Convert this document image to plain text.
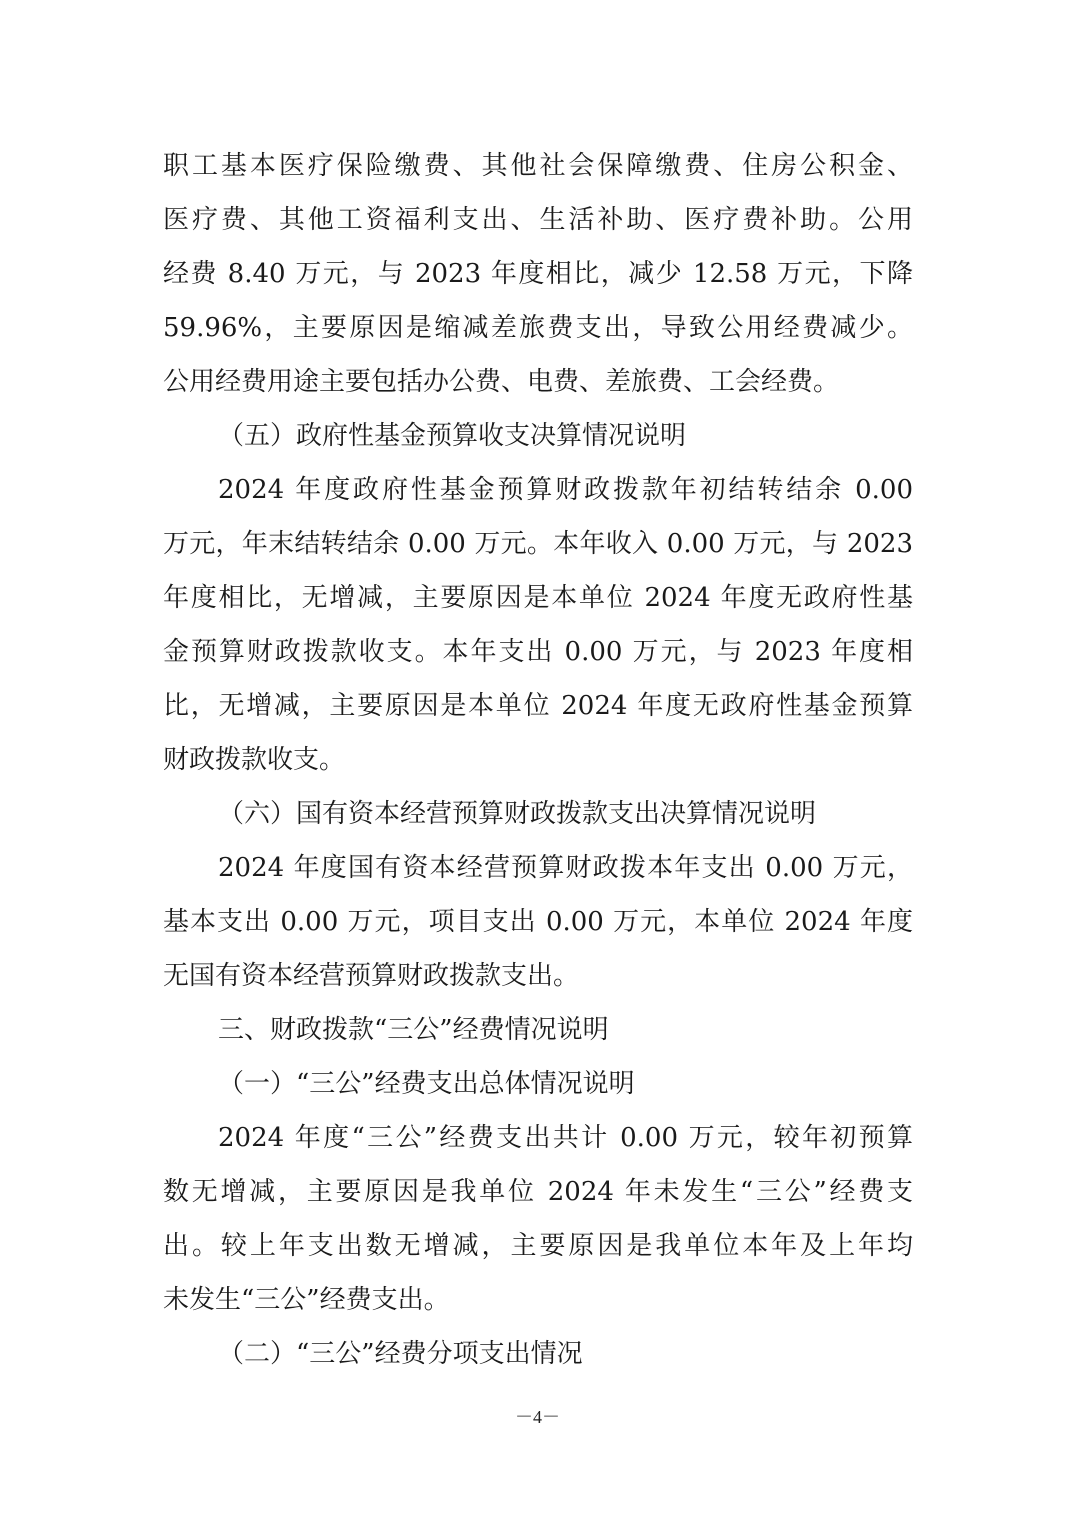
职工基本医疗保险缴费、其他社会保障缴费、住房公积金、
医疗费、其他工资福利支出、生活补助、医疗费补助。公用
经费 8.40 万元，与 2023 年度相比，减少 12.58 万元，下降
59.96%，主要原因是缩减差旅费支出，导致公用经费减少。
公用经费用途主要包括办公费、电费、差旅费、工会经费。
（五）政府性基金预算收支决算情况说明
2024 年度政府性基金预算财政拨款年初结转结余 0.00
万元，年末结转结余 0.00 万元。本年收入 0.00 万元，与 2023
年度相比，无增减，主要原因是本单位 2024 年度无政府性基
金预算财政拨款收支。本年支出 0.00 万元，与 2023 年度相
比，无增减，主要原因是本单位 2024 年度无政府性基金预算
财政拨款收支。
（六）国有资本经营预算财政拨款支出决算情况说明
2024 年度国有资本经营预算财政拨本年支出 0.00 万元，
基本支出 0.00 万元，项目支出 0.00 万元，本单位 2024 年度
无国有资本经营预算财政拨款支出。
三、财政拨款“三公”经费情况说明
（一）“三公”经费支出总体情况说明
2024 年度“三公”经费支出共计 0.00 万元，较年初预算
数无增减，主要原因是我单位 2024 年未发生“三公”经费支
出。较上年支出数无增减，主要原因是我单位本年及上年均
未发生“三公”经费支出。
（二）“三公”经费分项支出情况
－4－
